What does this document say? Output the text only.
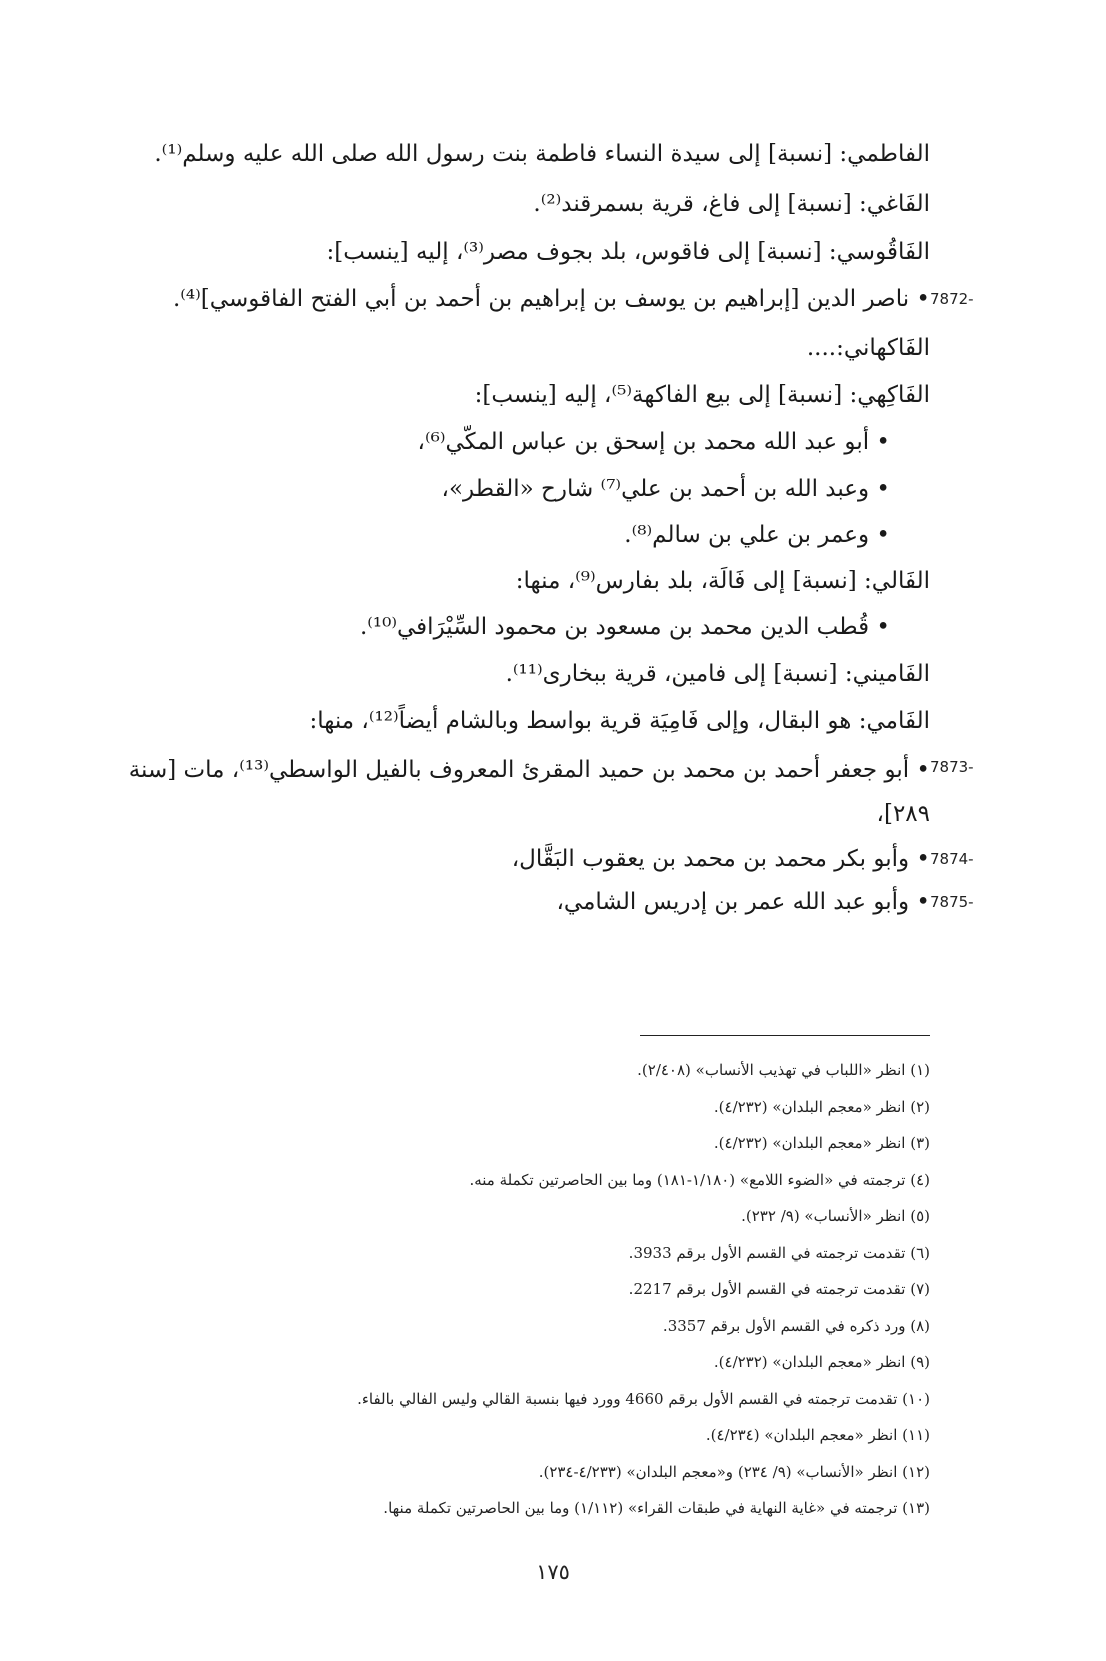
الفاطمي: [نسبة] إلى سيدة النساء فاطمة بنت رسول الله صلى الله عليه وسلم⁽¹⁾.
الفَاغي: [نسبة] إلى فاغ، قرية بسمرقند⁽²⁾.
الفَاقُوسي: [نسبة] إلى فاقوس، بلد بجوف مصر⁽³⁾، إليه [ينسب]:
7872-
• ناصر الدين [إبراهيم بن يوسف بن إبراهيم بن أحمد بن أبي الفتح الفاقوسي]⁽⁴⁾.
الفَاكهاني:....
الفَاكِهي: [نسبة] إلى بيع الفاكهة⁽⁵⁾، إليه [ينسب]:
• أبو عبد الله محمد بن إسحق بن عباس المكّي⁽⁶⁾،
• وعبد الله بن أحمد بن علي⁽⁷⁾ شارح «القطر»،
• وعمر بن علي بن سالم⁽⁸⁾.
الفَالي: [نسبة] إلى فَالَة، بلد بفارس⁽⁹⁾، منها:
• قُطب الدين محمد بن مسعود بن محمود السِّيْرَافي⁽¹⁰⁾.
الفَاميني: [نسبة] إلى فامين، قرية ببخارى⁽¹¹⁾.
الفَامي: هو البقال، وإلى فَامِيَة قرية بواسط وبالشام أيضاً⁽¹²⁾، منها:
7873-
• أبو جعفر أحمد بن محمد بن حميد المقرئ المعروف بالفيل الواسطي⁽¹³⁾، مات [سنة ٢٨٩]،
7874-
• وأبو بكر محمد بن محمد بن يعقوب البَقَّال،
7875-
• وأبو عبد الله عمر بن إدريس الشامي،
(١) انظر «اللباب في تهذيب الأنساب» (٢/٤٠٨).
(٢) انظر «معجم البلدان» (٤/٢٣٢).
(٣) انظر «معجم البلدان» (٤/٢٣٢).
(٤) ترجمته في «الضوء اللامع» (١/١٨٠-١٨١) وما بين الحاصرتين تكملة منه.
(٥) انظر «الأنساب» (٩/ ٢٣٢).
(٦) تقدمت ترجمته في القسم الأول برقم 3933.
(٧) تقدمت ترجمته في القسم الأول برقم 2217.
(٨) ورد ذكره في القسم الأول برقم 3357.
(٩) انظر «معجم البلدان» (٤/٢٣٢).
(١٠) تقدمت ترجمته في القسم الأول برقم 4660 وورد فيها بنسبة القالي وليس الفالي بالفاء.
(١١) انظر «معجم البلدان» (٤/٢٣٤).
(١٢) انظر «الأنساب» (٩/ ٢٣٤) و«معجم البلدان» (٤/٢٣٣-٢٣٤).
(١٣) ترجمته في «غاية النهاية في طبقات القراء» (١/١١٢) وما بين الحاصرتين تكملة منها.
١٧٥
